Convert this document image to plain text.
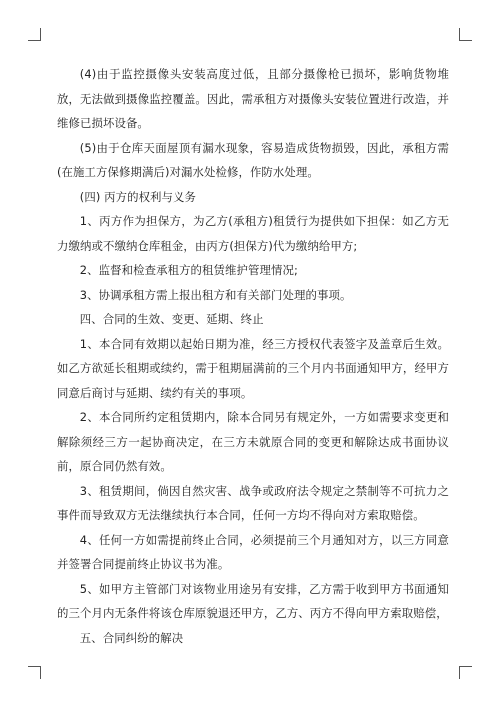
(4)由于监控摄像头安装高度过低，且部分摄像枪已损坏，影响货物堆放，无法做到摄像监控覆盖。因此，需承租方对摄像头安装位置进行改造，并维修已损坏设备。

(5)由于仓库天面屋顶有漏水现象，容易造成货物损毁，因此，承租方需(在施工方保修期满后)对漏水处检修，作防水处理。

(四) 丙方的权利与义务

1、丙方作为担保方，为乙方(承租方)租赁行为提供如下担保：如乙方无力缴纳或不缴纳仓库租金，由丙方(担保方)代为缴纳给甲方;

2、监督和检查承租方的租赁维护管理情况;

3、协调承租方需上报出租方和有关部门处理的事项。

四、合同的生效、变更、延期、终止

1、本合同有效期以起始日期为准，经三方授权代表签字及盖章后生效。如乙方欲延长租期或续约，需于租期届满前的三个月内书面通知甲方，经甲方同意后商讨与延期、续约有关的事项。

2、本合同所约定租赁期内，除本合同另有规定外，一方如需要求变更和解除须经三方一起协商决定，在三方未就原合同的变更和解除达成书面协议前，原合同仍然有效。

3、租赁期间，倘因自然灾害、战争或政府法令规定之禁制等不可抗力之事件而导致双方无法继续执行本合同，任何一方均不得向对方索取赔偿。

4、任何一方如需提前终止合同，必须提前三个月通知对方，以三方同意并签署合同提前终止协议书为准。

5、如甲方主管部门对该物业用途另有安排，乙方需于收到甲方书面通知的三个月内无条件将该仓库原貌退还甲方，乙方、丙方不得向甲方索取赔偿，

五、合同纠纷的解决
